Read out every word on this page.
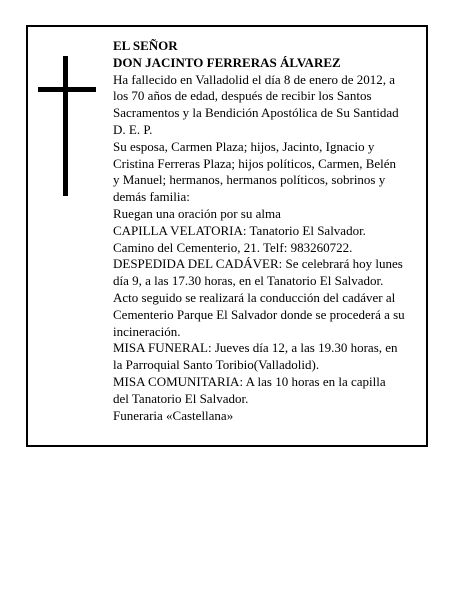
EL SEÑOR
DON JACINTO FERRERAS ÁLVAREZ
Ha fallecido en Valladolid el día 8 de enero de 2012, a
los 70 años de edad, después de recibir los Santos
Sacramentos y la Bendición Apostólica de Su Santidad
D. E. P.
Su esposa, Carmen Plaza; hijos, Jacinto, Ignacio y
Cristina Ferreras Plaza; hijos políticos, Carmen, Belén
y Manuel; hermanos, hermanos políticos, sobrinos y
demás familia:
Ruegan una oración por su alma
CAPILLA VELATORIA: Tanatorio El Salvador.
Camino del Cementerio, 21. Telf: 983260722.
DESPEDIDA DEL CADÁVER: Se celebrará hoy lunes
día 9, a las 17.30 horas, en el Tanatorio El Salvador.
Acto seguido se realizará la conducción del cadáver al
Cementerio Parque El Salvador donde se procederá a su
incineración.
MISA FUNERAL: Jueves día 12, a las 19.30 horas, en
la Parroquial Santo Toribio(Valladolid).
MISA COMUNITARIA: A las 10 horas en la capilla
del Tanatorio El Salvador.
Funeraria «Castellana»
